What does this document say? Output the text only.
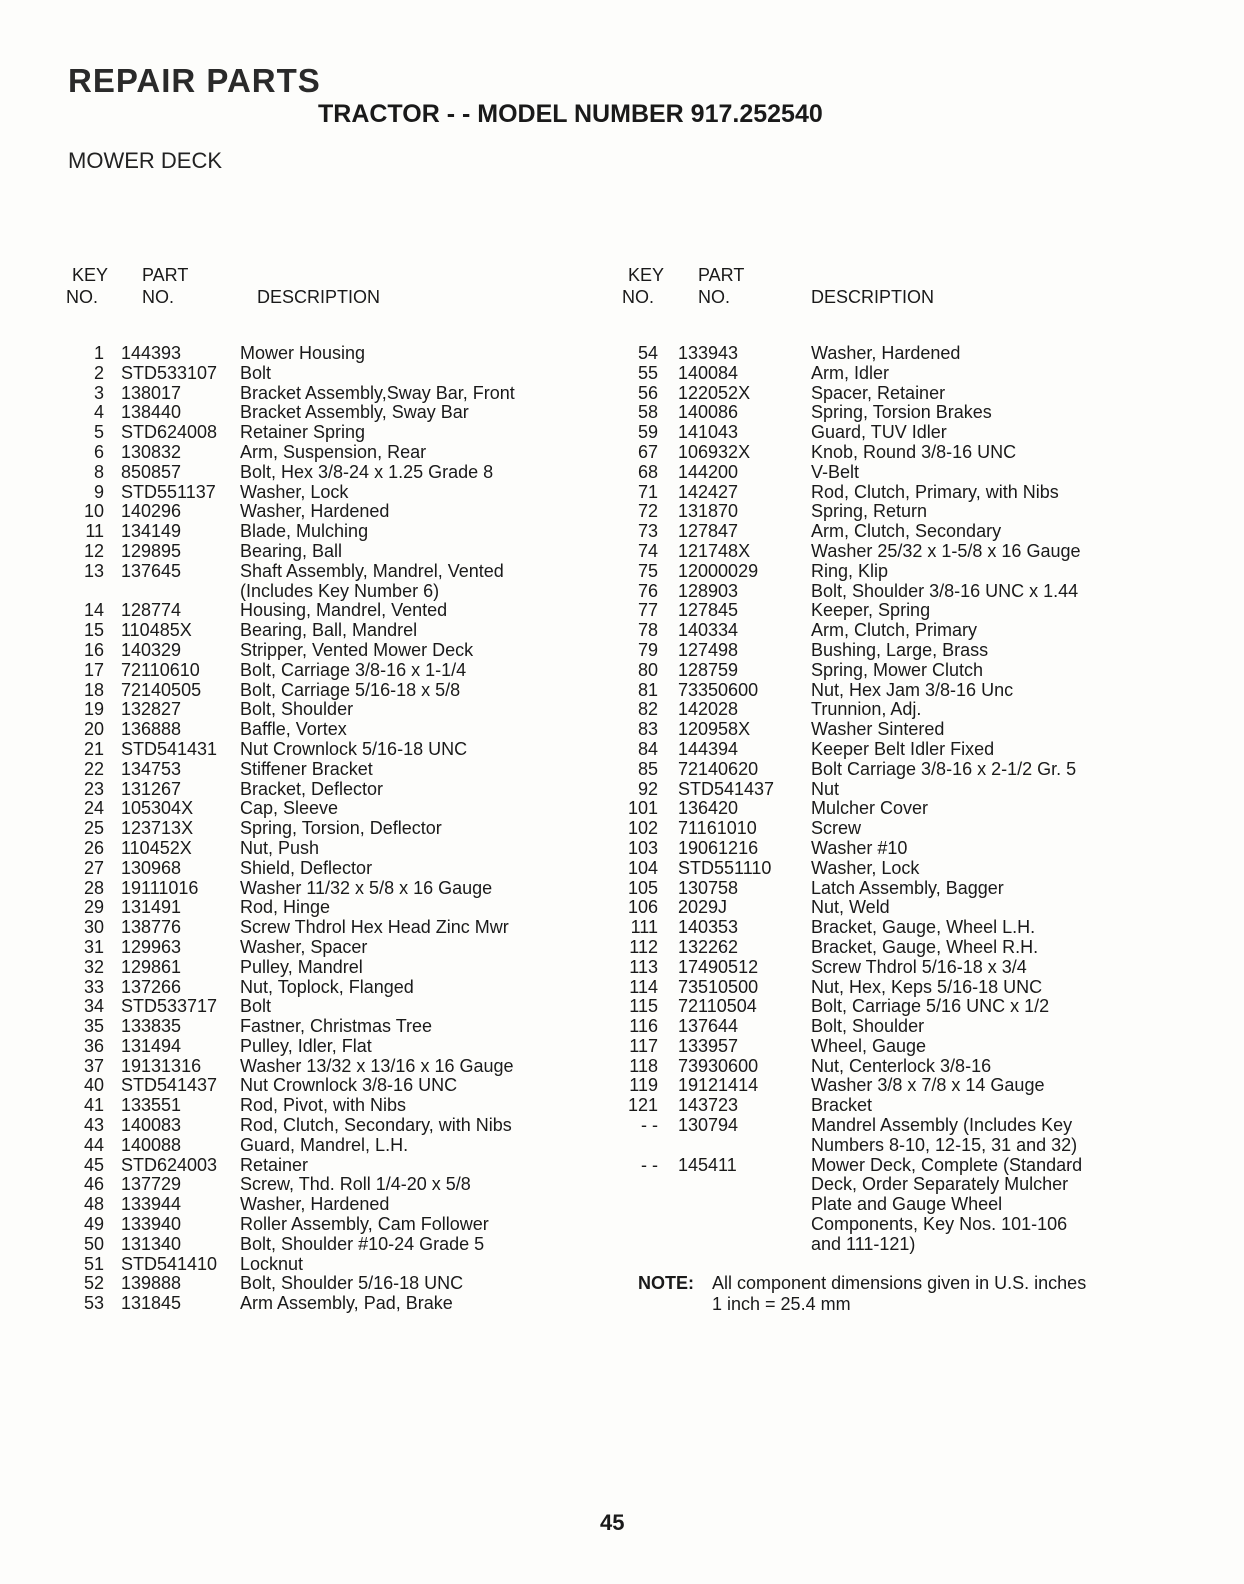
REPAIR PARTS
TRACTOR - - MODEL NUMBER 917.252540
MOWER DECK
KEY
NO.
PART
NO.	DESCRIPTION
1 144393	Mower Housing
2 STD533107	Bolt
3 138017	Bracket Assembly,Sway Bar, Front
4 138440	Bracket Assembly, Sway Bar
5 STD624008	Retainer Spring
6 130832	Arm, Suspension, Rear
8 850857	Bolt, Hex 3/8-24 x 1.25 Grade 8
9 STD551137	Washer, Lock
10 140296	Washer, Hardened
11 134149	Blade, Mulching
12 129895	Bearing, Ball
13 137645	Shaft Assembly, Mandrel, Vented
(Includes Key Number 6)
14 128774	Housing, Mandrel, Vented
15 110485X	Bearing, Ball, Mandrel
16 140329	Stripper, Vented Mower Deck
17 72110610	Bolt, Carriage 3/8-16 x 1-1/4
18 72140505	Bolt, Carriage 5/16-18 x 5/8
19 132827	Bolt, Shoulder
20 136888	Baffle, Vortex
21 STD541431	Nut Crownlock 5/16-18 UNC
22 134753	Stiffener Bracket
23 131267	Bracket, Deflector
24 105304X	Cap, Sleeve
25 123713X	Spring, Torsion, Deflector
26 110452X	Nut, Push
27 130968	Shield, Deflector
28 19111016	Washer 11/32 x 5/8 x 16 Gauge
29 131491	Rod, Hinge
30 138776	Screw Thdrol Hex Head Zinc Mwr
31 129963	Washer, Spacer
32 129861	Pulley, Mandrel
33 137266	Nut, Toplock, Flanged
34 STD533717	Bolt
35 133835	Fastner, Christmas Tree
36 131494	Pulley, Idler, Flat
37 19131316	Washer 13/32 x 13/16 x 16 Gauge
40 STD541437	Nut Crownlock 3/8-16 UNC
41 133551	Rod, Pivot, with Nibs
43 140083	Rod, Clutch, Secondary, with Nibs
44 140088	Guard, Mandrel, L.H.
45 STD624003	Retainer
46 137729	Screw, Thd. Roll 1/4-20 x 5/8
48 133944	Washer, Hardened
49 133940	Roller Assembly, Cam Follower
50 131340	Bolt, Shoulder #10-24 Grade 5
51 STD541410	Locknut
52 139888	Bolt, Shoulder 5/16-18 UNC
53 131845	Arm Assembly, Pad, Brake
KEY
NO.
PART
NO.	DESCRIPTION
54	133943	Washer, Hardened
55	140084	Arm, Idler
56	122052X	Spacer, Retainer
58	140086	Spring, Torsion Brakes
59	141043	Guard, TUV Idler
67	106932X	Knob, Round 3/8-16 UNC
68	144200	V-Belt
71	142427	Rod, Clutch, Primary, with Nibs
72	131870	Spring, Return
73	127847	Arm, Clutch, Secondary
74	121748X	Washer 25/32 x 1-5/8 x 16 Gauge
75	12000029	Ring, Klip
76	128903	Bolt, Shoulder 3/8-16 UNC x 1.44
77	127845	Keeper, Spring
78	140334	Arm, Clutch, Primary
79	127498	Bushing, Large, Brass
80	128759	Spring, Mower Clutch
81	73350600	Nut, Hex Jam 3/8-16 Unc
82	142028	Trunnion, Adj.
83	120958X	Washer Sintered
84	144394	Keeper Belt Idler Fixed
85	72140620	Bolt Carriage 3/8-16 x 2-1/2 Gr. 5
92	STD541437	Nut
101	136420	Mulcher Cover
102	71161010	Screw
103	19061216	Washer #10
104	STD551110	Washer, Lock
105	130758	Latch Assembly, Bagger
106	2029J	Nut, Weld
111	140353	Bracket, Gauge, Wheel L.H.
112	132262	Bracket, Gauge, Wheel R.H.
113	17490512	Screw Thdrol 5/16-18 x 3/4
114	73510500	Nut, Hex, Keps 5/16-18 UNC
115	72110504	Bolt, Carriage 5/16 UNC x 1/2
116	137644	Bolt, Shoulder
117	133957	Wheel, Gauge
118	73930600	Nut, Centerlock 3/8-16
119	19121414	Washer 3/8 x 7/8 x 14 Gauge
121	143723	Bracket
- -	130794	Mandrel Assembly (Includes Key
Numbers 8-10, 12-15, 31 and 32)
- -	145411	Mower Deck, Complete (Standard
Deck, Order Separately Mulcher
Plate and Gauge Wheel
Components, Key Nos. 101-106
and 111-121)
NOTE:	All component dimensions given in U.S. inches
1 inch = 25.4 mm
45
